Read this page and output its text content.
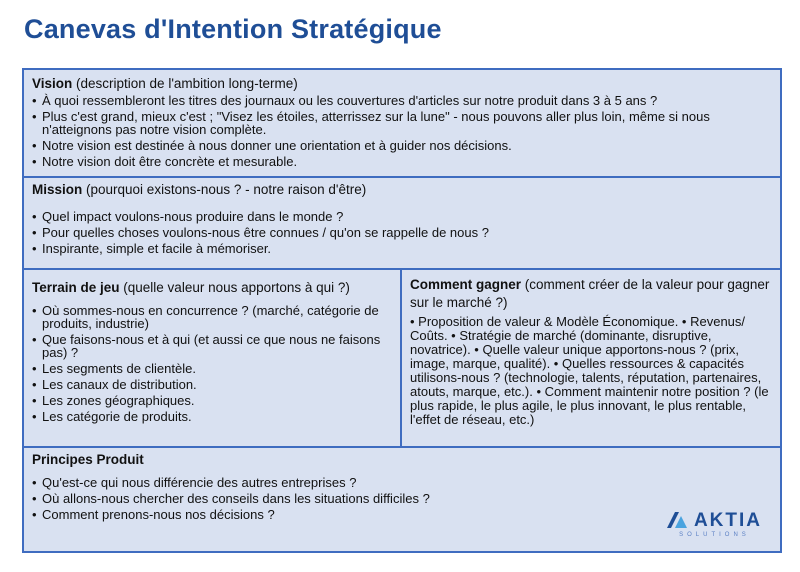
Canevas d'Intention Stratégique
Vision (description de l'ambition long-terme)
• À quoi ressembleront les titres des journaux ou les couvertures d'articles sur notre produit dans 3 à 5 ans ?
• Plus c'est grand, mieux c'est ; "Visez les étoiles, atterrissez sur la lune" - nous pouvons aller plus loin, même si nous n'atteignons pas notre vision complète.
• Notre vision est destinée à nous donner une orientation et à guider nos décisions.
• Notre vision doit être concrète et mesurable.
Mission (pourquoi existons-nous ? - notre raison d'être)
• Quel impact voulons-nous produire dans le monde ?
• Pour quelles choses voulons-nous être connues / qu'on se rappelle de nous ?
• Inspirante, simple et facile à mémoriser.
Terrain de jeu (quelle valeur nous apportons à qui ?)
• Où sommes-nous en concurrence ? (marché, catégorie de produits, industrie)
• Que faisons-nous et à qui (et aussi ce que nous ne faisons pas) ?
• Les segments de clientèle.
• Les canaux de distribution.
• Les zones géographiques.
• Les catégorie de produits.
Comment gagner (comment créer de la valeur pour gagner sur le marché ?)
• Proposition de valeur & Modèle Économique. • Revenus/ Coûts. • Stratégie de marché (dominante, disruptive, novatrice). • Quelle valeur unique apportons-nous ? (prix, image, marque, qualité). • Quelles ressources & capacités utilisons-nous ? (technologie, talents, réputation, partenaires, atouts, marque, etc.). • Comment maintenir notre position ? (le plus rapide, le plus agile, le plus innovant, le plus rentable, l'effet de réseau, etc.)
Principes Produit
• Qu'est-ce qui nous différencie des autres entreprises ?
• Où allons-nous chercher des conseils dans les situations difficiles ?
• Comment prenons-nous nos décisions ?	AKTIA
SOLUTIONS
